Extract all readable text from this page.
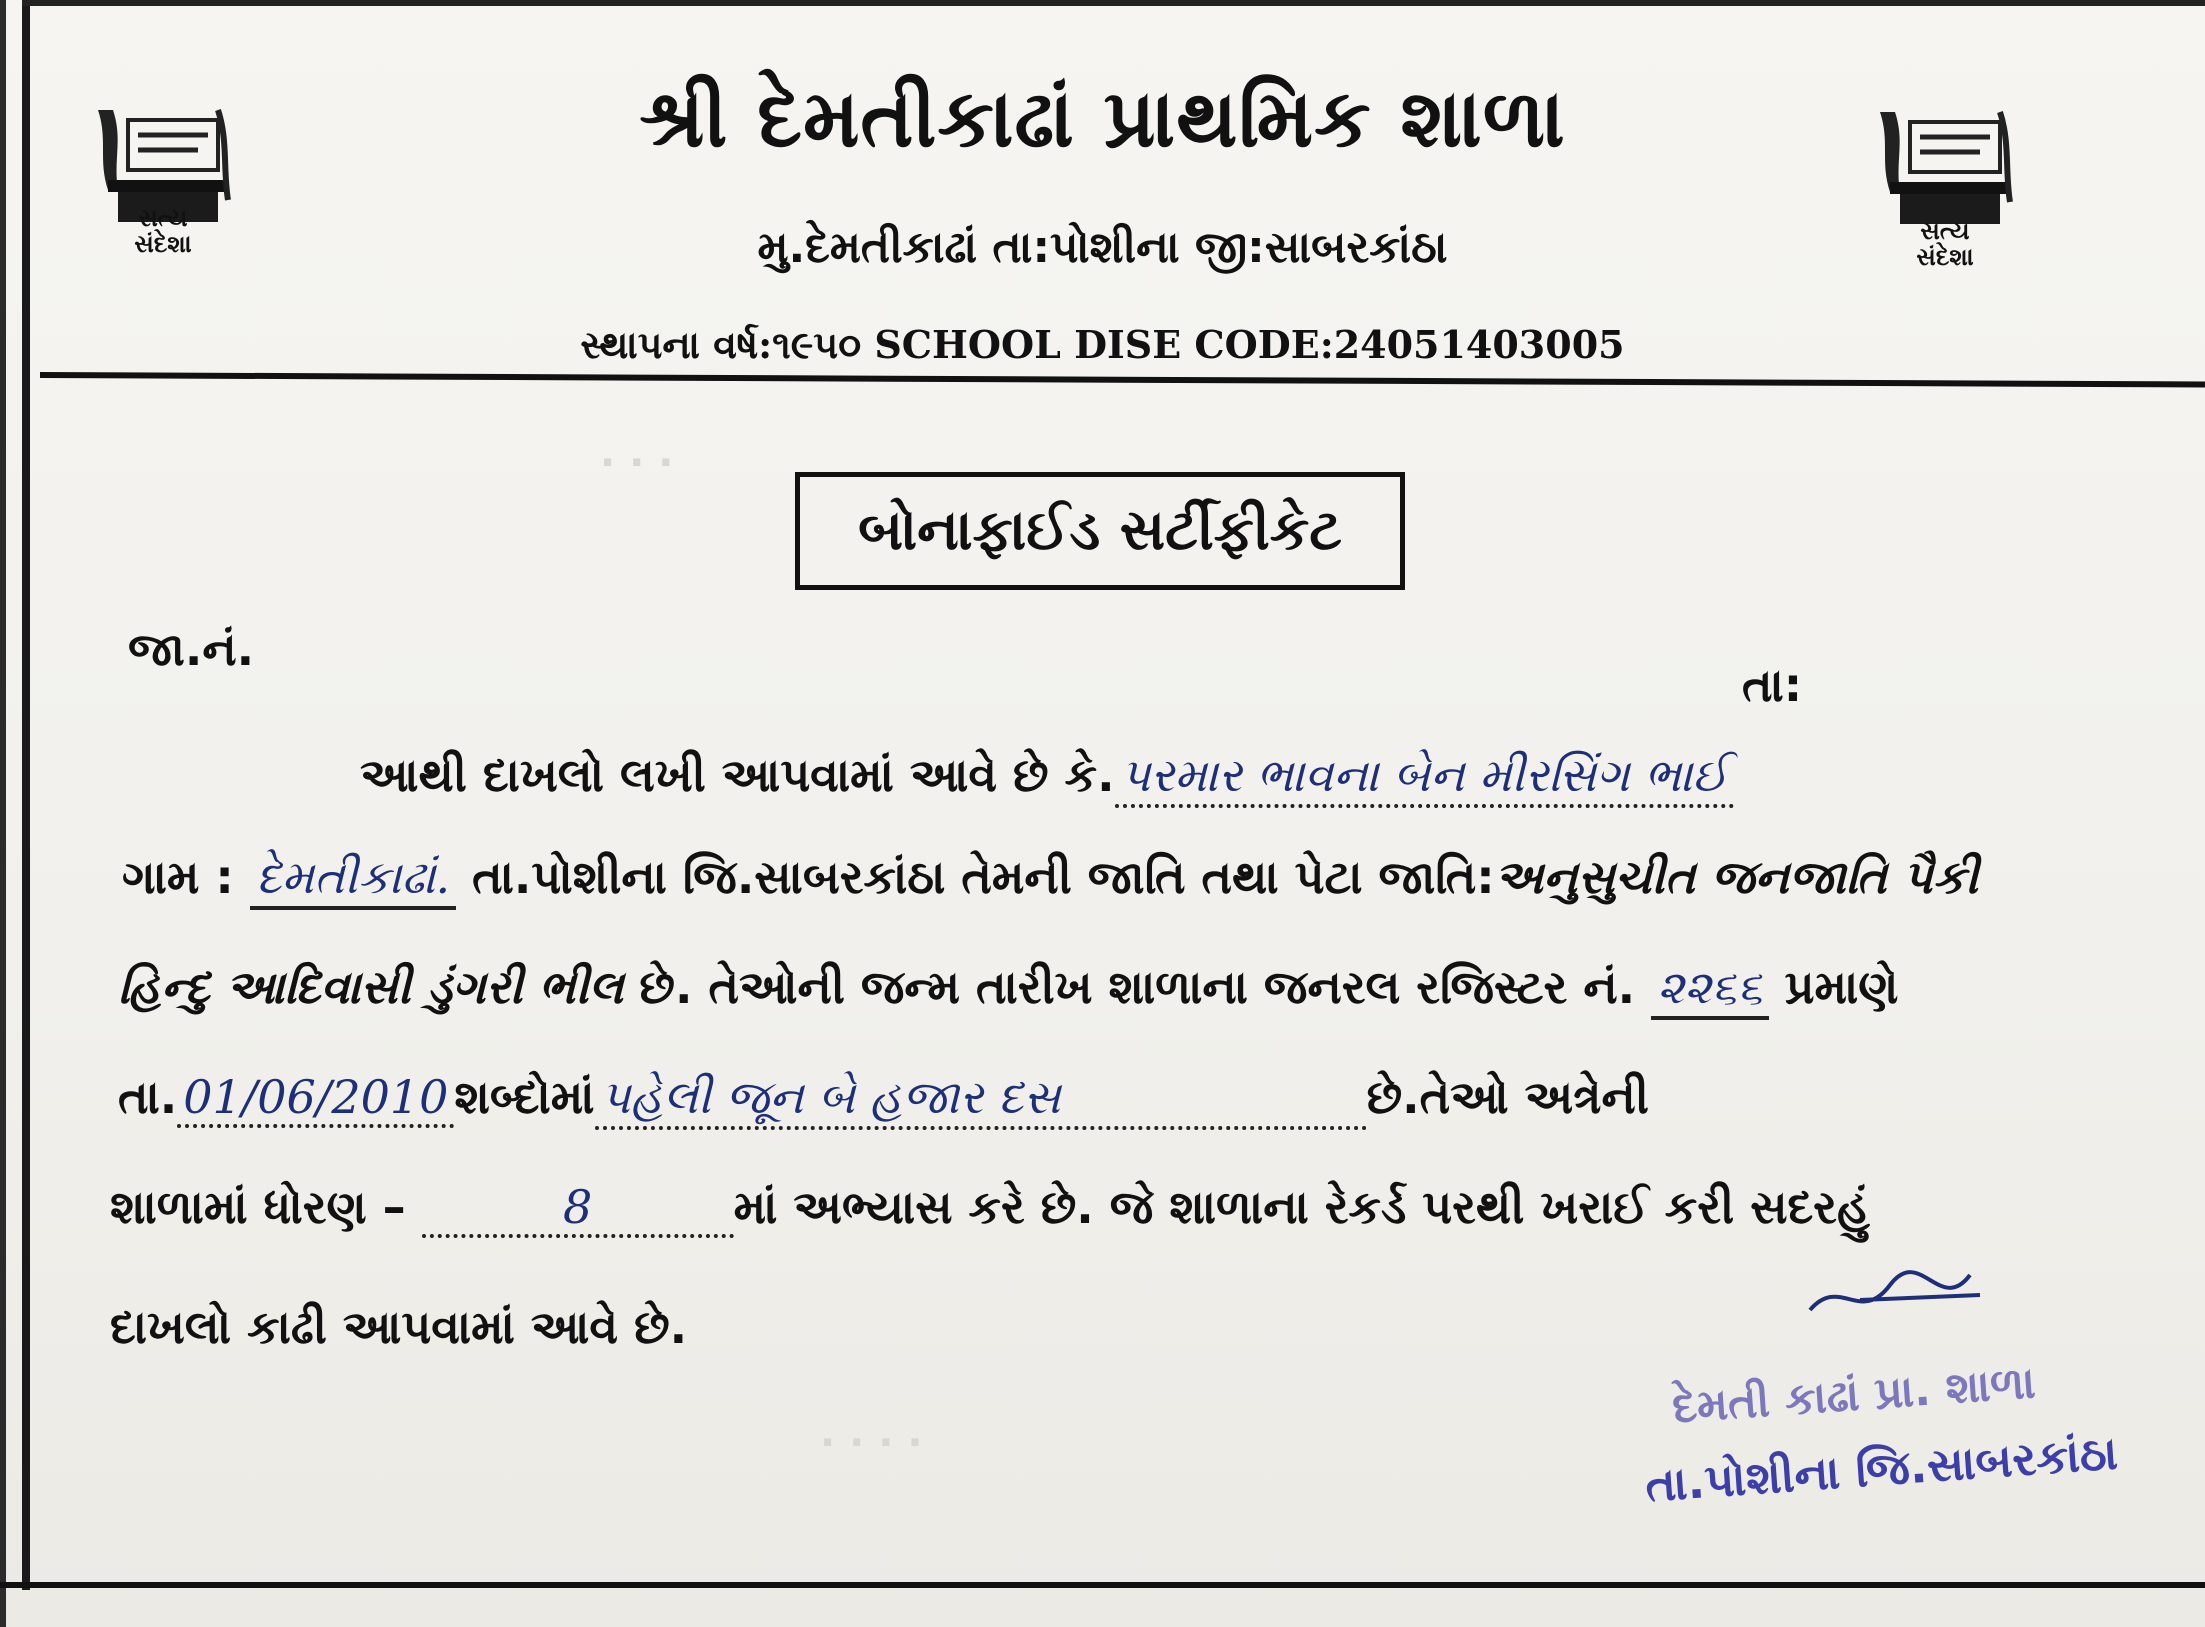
· · ·
· · · ·
સત્ય
સંદેશા	સત્ય
સંદેશા
શ્રી દેમતીકાઢાં પ્રાથમિક શાળા
મુ.દેમતીકાઢાં તા:પોશીના જી:સાબરકાંઠા
સ્થાપના વર્ષ:૧૯૫૦ SCHOOL DISE CODE:24051403005
બોનાફાઈડ સર્ટીફીકેટ
જા.નં.
તા:
આથી દાખલો લખી આપવામાં આવે છે કે. પરમાર ભાવના બેન મીરસિંગ ભાઈ
ગામ : દેમતીકાઢાં. તા.પોશીના જિ.સાબરકાંઠા તેમની જાતિ તથા પેટા જાતિ:અનુસુચીત જનજાતિ પૈકી
હિન્દુ આદિવાસી ડુંગરી ભીલ છે. તેઓની જન્મ તારીખ શાળાના જનરલ રજિસ્ટર નં. ૨૨૬૬ પ્રમાણે
તા. 01/06/2010 શબ્દોમાં પહેલી જૂન બે હજાર દસ	છે.તેઓ અત્રેની
શાળામાં ધોરણ –	8	માં અભ્યાસ કરે છે. જે શાળાના રેકર્ડ પરથી ખરાઈ કરી સદરહું
દાખલો કાઢી આપવામાં આવે છે.
દેમતી કાઢાં પ્રા. શાળા
તા.પોશીના જિ.સાબરકાંઠા
